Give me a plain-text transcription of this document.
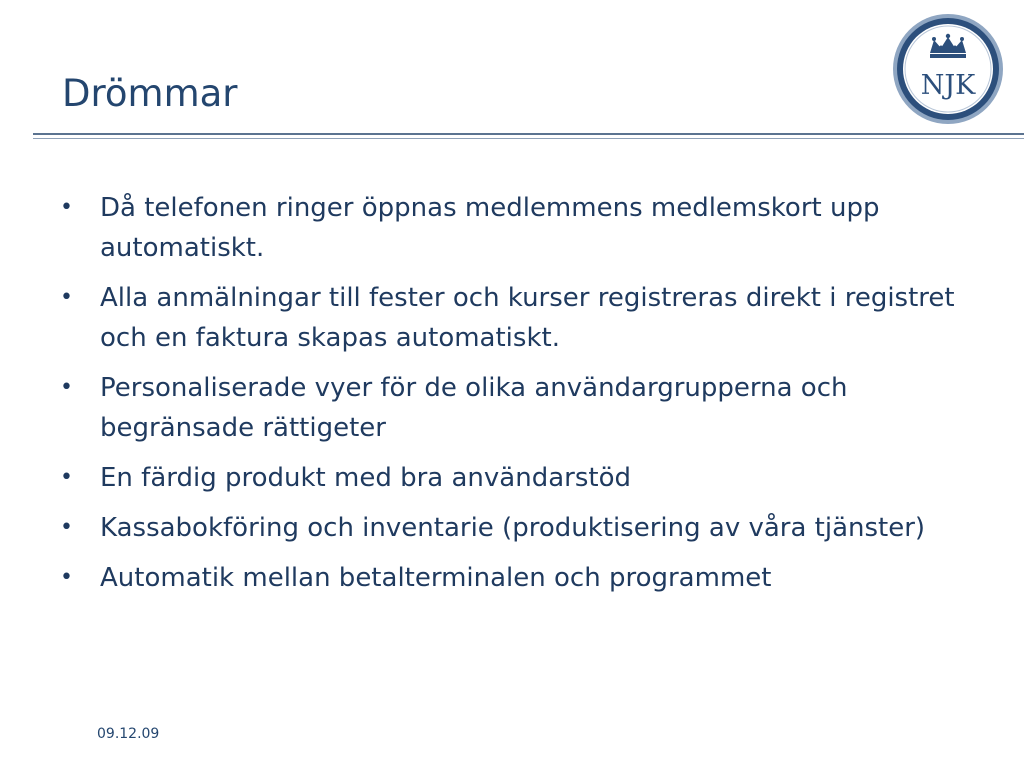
Drömmar	NJK
• Då telefonen ringer öppnas medlemmens medlemskort upp automatiskt.
• Alla anmälningar till fester och kurser registreras direkt i registret och en faktura skapas automatiskt.
• Personaliserade vyer för de olika användargrupperna och begränsade rättigeter
• En färdig produkt med bra användarstöd
• Kassabokföring och inventarie (produktisering av våra tjänster)
• Automatik mellan betalterminalen och programmet
09.12.09
